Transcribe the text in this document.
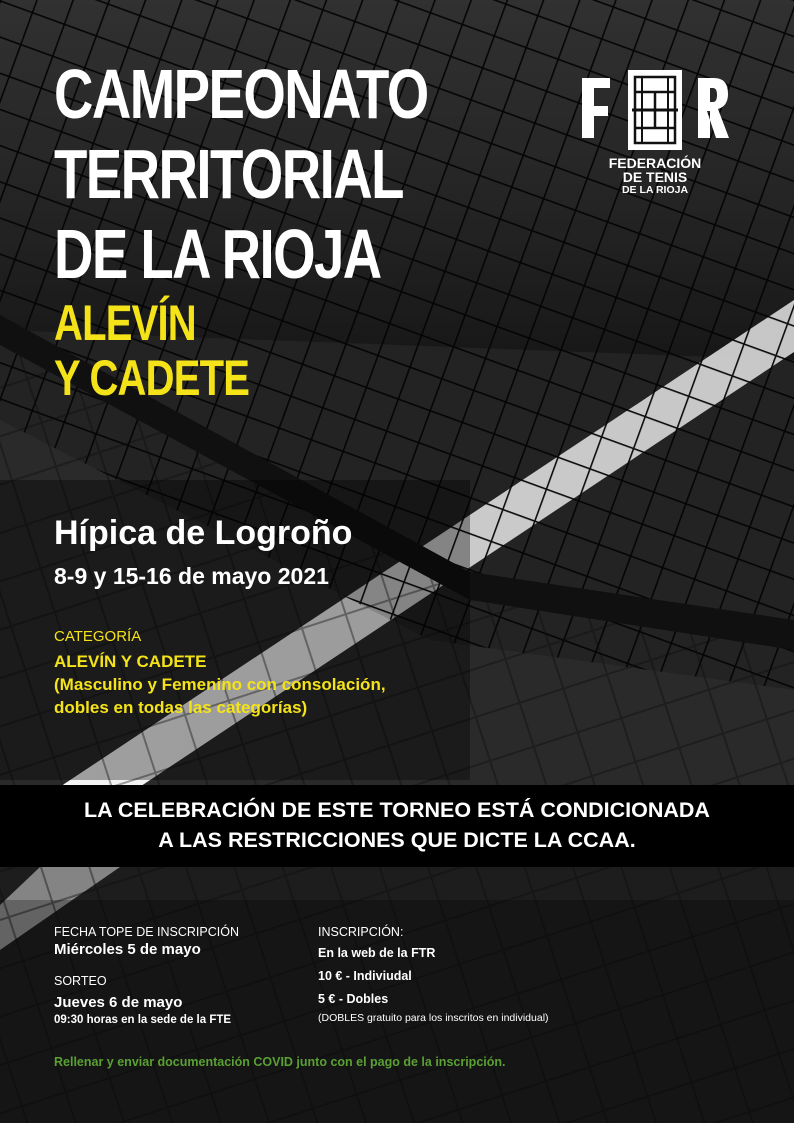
CAMPEONATO
TERRITORIAL
DE LA RIOJA
ALEVÍN
Y CADETE
FEDERACIÓN
DE TENIS
DE LA RIOJA
Hípica de Logroño
8-9 y 15-16 de mayo 2021
CATEGORÍA
ALEVÍN Y CADETE
(Masculino y Femenino con consolación,
dobles en todas las categorías)
LA CELEBRACIÓN DE ESTE TORNEO ESTÁ CONDICIONADA
A LAS RESTRICCIONES QUE DICTE LA CCAA.
FECHA TOPE DE INSCRIPCIÓN
Miércoles 5 de mayo
SORTEO
Jueves 6 de mayo
09:30 horas en la sede de la FTE
INSCRIPCIÓN:
En la web de la FTR
10 € - Indiviudal
5 € - Dobles
(DOBLES gratuito para los inscritos en individual)
Rellenar y enviar documentación COVID junto con el pago de la inscripción.
